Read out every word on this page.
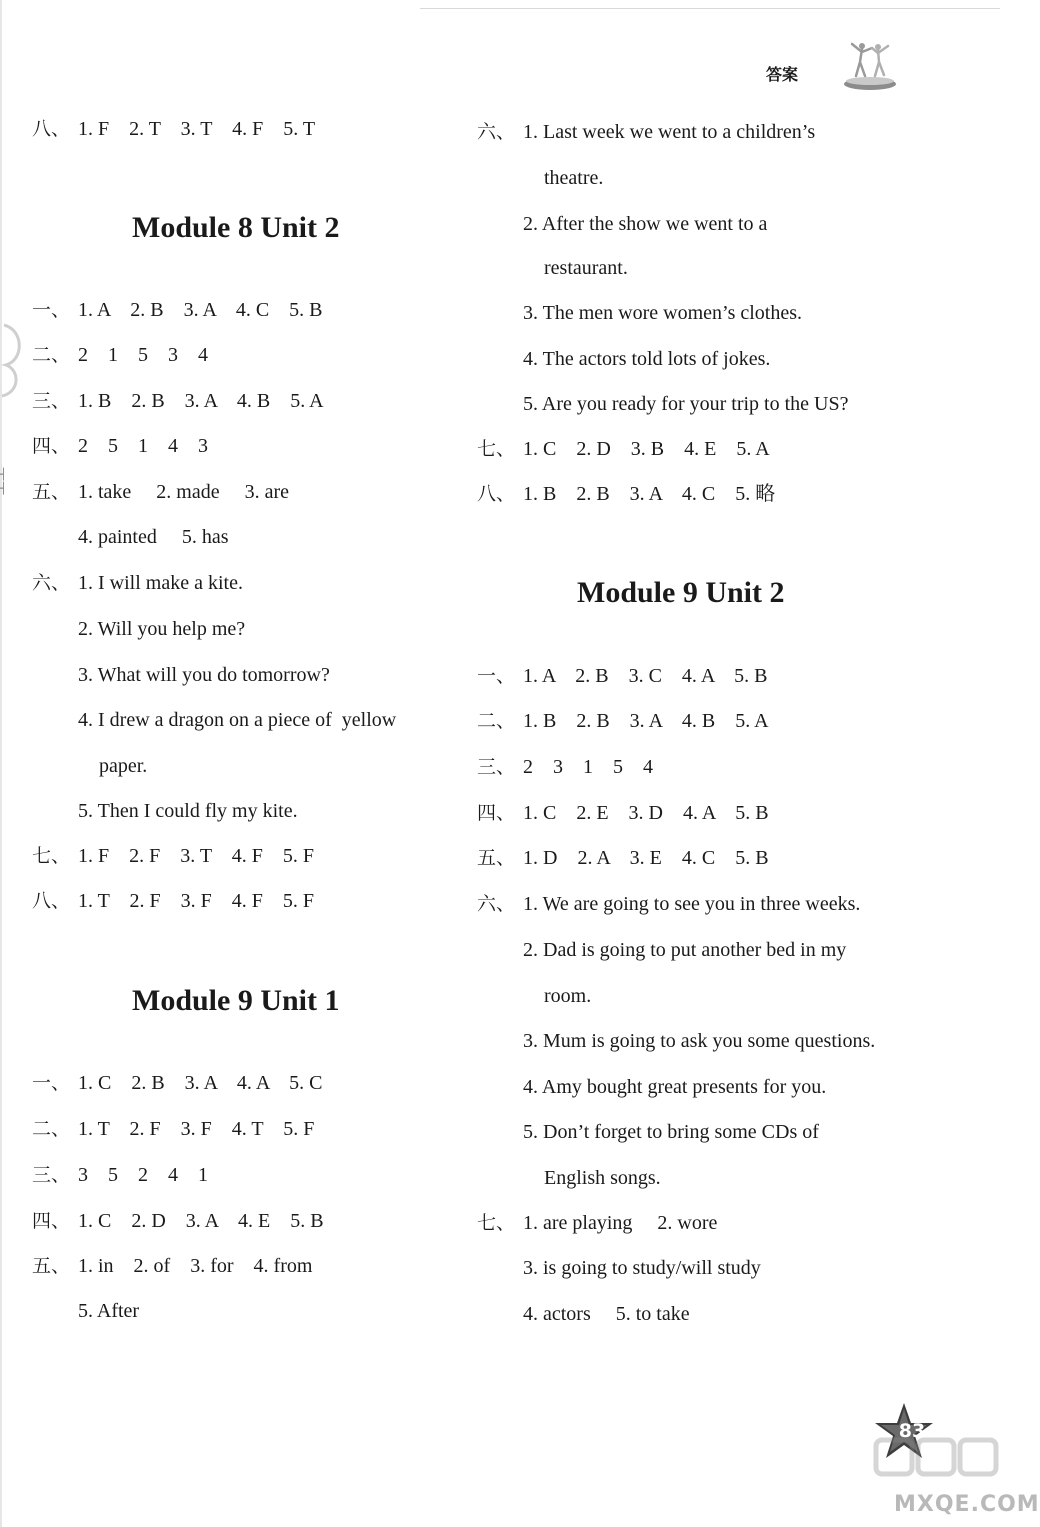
答案
┤
┤
八、 1. F    2. T    3. T    4. F    5. T
Module 8 Unit 2
一、 1. A    2. B    3. A    4. C    5. B
二、 2    1    5    3    4
三、 1. B    2. B    3. A    4. B    5. A
四、 2    5    1    4    3
五、 1. take     2. made     3. are
4. painted     5. has
六、 1. I will make a kite.
2. Will you help me?
3. What will you do tomorrow?
4. I drew a dragon on a piece of  yellow
paper.
5. Then I could fly my kite.
七、 1. F    2. F    3. T    4. F    5. F
八、 1. T    2. F    3. F    4. F    5. F
Module 9 Unit 1
一、 1. C    2. B    3. A    4. A    5. C
二、 1. T    2. F    3. F    4. T    5. F
三、 3    5    2    4    1
四、 1. C    2. D    3. A    4. E    5. B
五、 1. in    2. of    3. for    4. from
5. After
六、 1. Last week we went to a children’s
theatre.
2. After the show we went to a
restaurant.
3. The men wore women’s clothes.
4. The actors told lots of jokes.
5. Are you ready for your trip to the US?
七、 1. C    2. D    3. B    4. E    5. A
八、 1. B    2. B    3. A    4. C    5. 略
Module 9 Unit 2
一、 1. A    2. B    3. C    4. A    5. B
二、 1. B    2. B    3. A    4. B    5. A
三、 2    3    1    5    4
四、 1. C    2. E    3. D    4. A    5. B
五、 1. D    2. A    3. E    4. C    5. B
六、 1. We are going to see you in three weeks.
2. Dad is going to put another bed in my
room.
3. Mum is going to ask you some questions.
4. Amy bought great presents for you.
5. Don’t forget to bring some CDs of
English songs.
七、 1. are playing     2. wore
3. is going to study/will study
4. actors     5. to take
83
MXQE.COM
